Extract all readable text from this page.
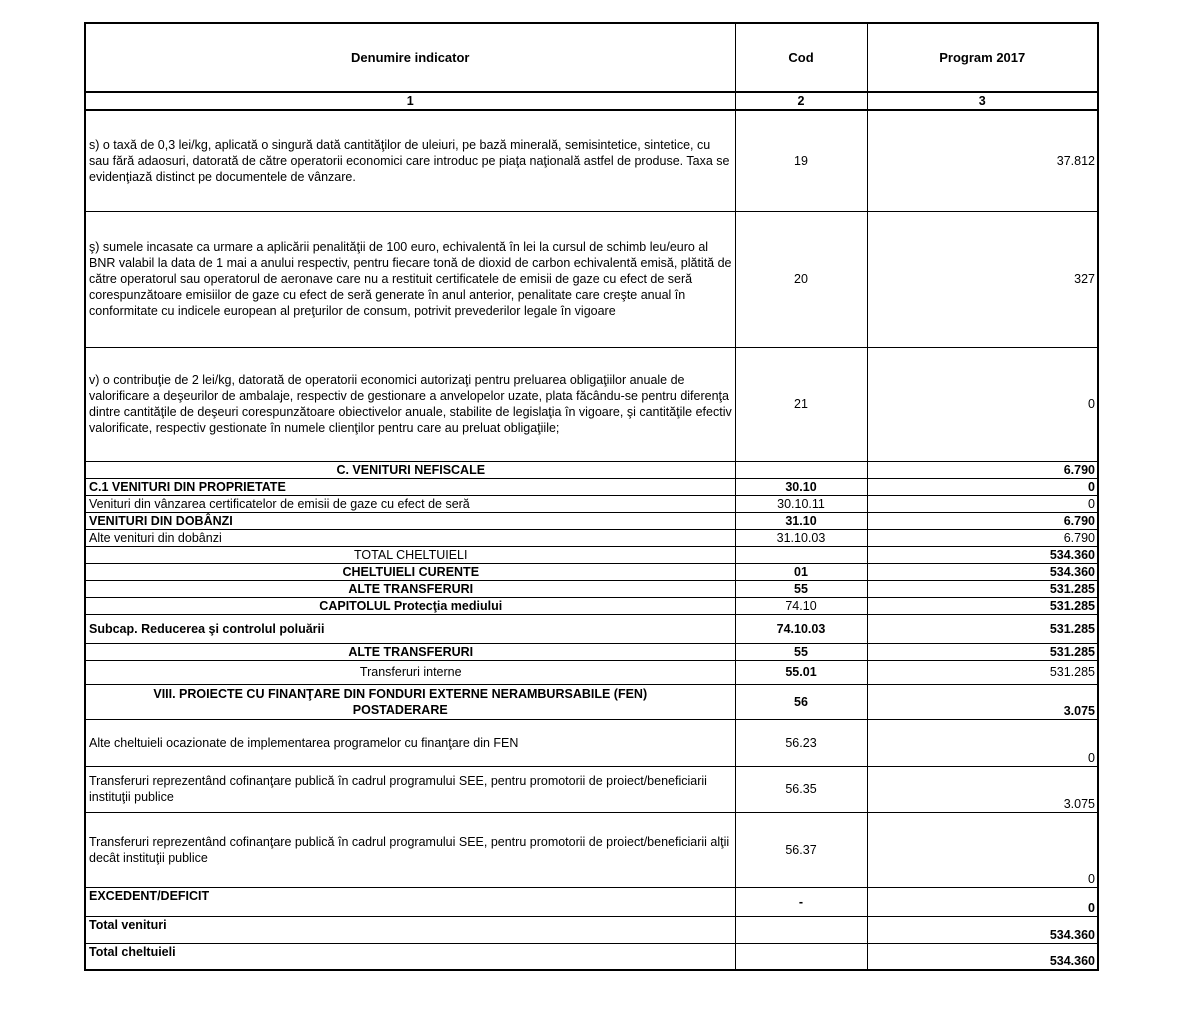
Denumire indicator	Cod	Program 2017
1	2	3
s) o taxă de 0,3 lei/kg, aplicată o singură dată cantităţilor de uleiuri, pe bază minerală, semisintetice, sintetice, cu sau fără adaosuri, datorată de către operatorii economici care introduc pe piaţa naţională astfel de produse. Taxa se evidenţiază distinct pe documentele de vânzare.	19	37.812
ş) sumele incasate ca urmare a aplicării penalităţii de 100 euro, echivalentă în lei la cursul de schimb leu/euro al BNR valabil la data de 1 mai a anului respectiv, pentru fiecare tonă de dioxid de carbon echivalentă emisă, plătită de către operatorul sau operatorul de aeronave care nu a restituit certificatele de emisii de gaze cu efect de seră corespunzătoare emisiilor de gaze cu efect de seră generate în anul anterior, penalitate care creşte anual în conformitate cu indicele european al preţurilor de consum, potrivit prevederilor legale în vigoare	20	327
v) o contribuţie de 2 lei/kg, datorată de operatorii economici autorizaţi pentru preluarea obligaţiilor anuale de valorificare a deşeurilor de ambalaje, respectiv de gestionare a anvelopelor uzate, plata făcându-se pentru diferenţa dintre cantităţile de deşeuri corespunzătoare obiectivelor anuale, stabilite de legislaţia în vigoare, şi cantităţile efectiv valorificate, respectiv gestionate în numele clienţilor pentru care au preluat obligaţiile;	21	0
C. VENITURI NEFISCALE		6.790
C.1 VENITURI DIN PROPRIETATE	30.10	0
Venituri din vânzarea certificatelor de emisii de gaze cu efect de seră	30.10.11	0
VENITURI DIN DOBÂNZI	31.10	6.790
Alte venituri din dobânzi	31.10.03	6.790
TOTAL CHELTUIELI		534.360
CHELTUIELI CURENTE	01	534.360
ALTE TRANSFERURI	55	531.285
CAPITOLUL Protecţia mediului	74.10	531.285
Subcap. Reducerea şi controlul poluării	74.10.03	531.285
ALTE TRANSFERURI	55	531.285
Transferuri interne	55.01	531.285
VIII. PROIECTE CU FINANŢARE DIN FONDURI EXTERNE NERAMBURSABILE (FEN) POSTADERARE	56	3.075
Alte cheltuieli ocazionate de implementarea programelor cu finanţare din FEN	56.23	0
Transferuri reprezentând cofinanţare publică în cadrul programului SEE, pentru promotorii de proiect/beneficiarii instituţii publice	56.35	3.075
Transferuri reprezentând cofinanţare publică în cadrul programului SEE, pentru promotorii de proiect/beneficiarii alţii decât instituţii publice	56.37	0
EXCEDENT/DEFICIT	-	0
Total venituri		534.360
Total cheltuieli		534.360
